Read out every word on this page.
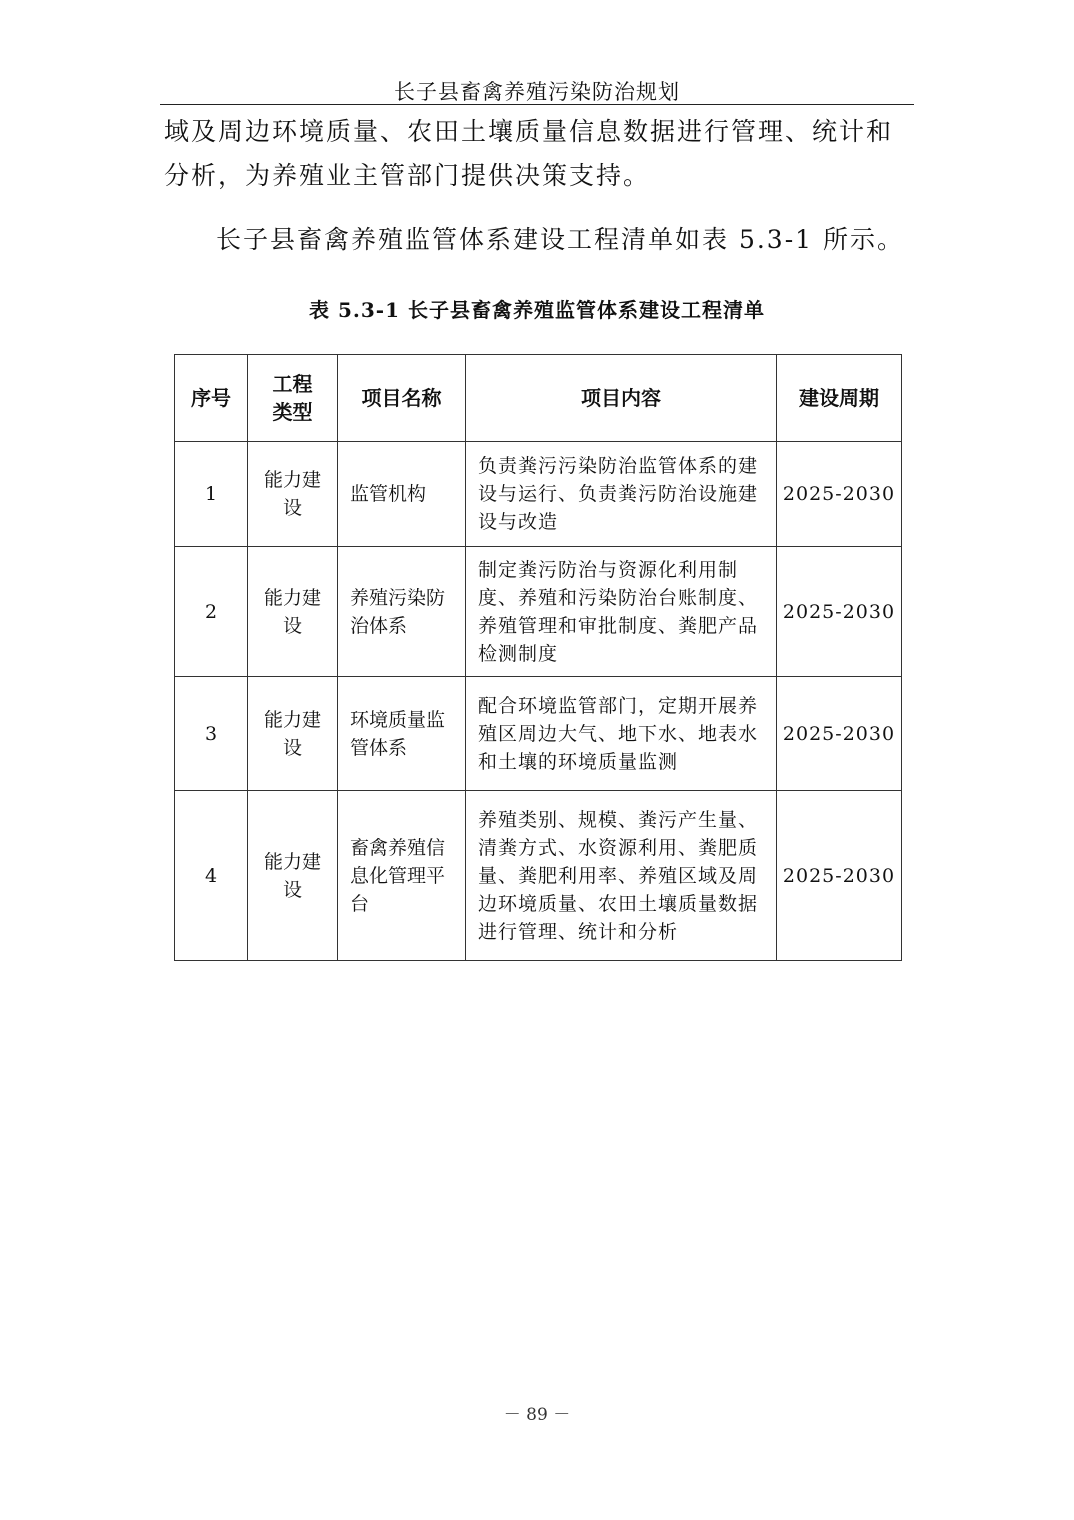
长子县畜禽养殖污染防治规划
域及周边环境质量、农田土壤质量信息数据进行管理、统计和分析，为养殖业主管部门提供决策支持。
长子县畜禽养殖监管体系建设工程清单如表 5.3-1 所示。
表 5.3-1 长子县畜禽养殖监管体系建设工程清单
序号	工程类型	项目名称	项目内容	建设周期
1	能力建设	监管机构	负责粪污污染防治监管体系的建设与运行、负责粪污防治设施建设与改造	2025-2030
2	能力建设	养殖污染防治体系	制定粪污防治与资源化利用制度、养殖和污染防治台账制度、养殖管理和审批制度、粪肥产品检测制度	2025-2030
3	能力建设	环境质量监管体系	配合环境监管部门，定期开展养殖区周边大气、地下水、地表水和土壤的环境质量监测	2025-2030
4	能力建设	畜禽养殖信息化管理平台	养殖类别、规模、粪污产生量、清粪方式、水资源利用、粪肥质量、粪肥利用率、养殖区域及周边环境质量、农田土壤质量数据进行管理、统计和分析	2025-2030
－ 89 －
